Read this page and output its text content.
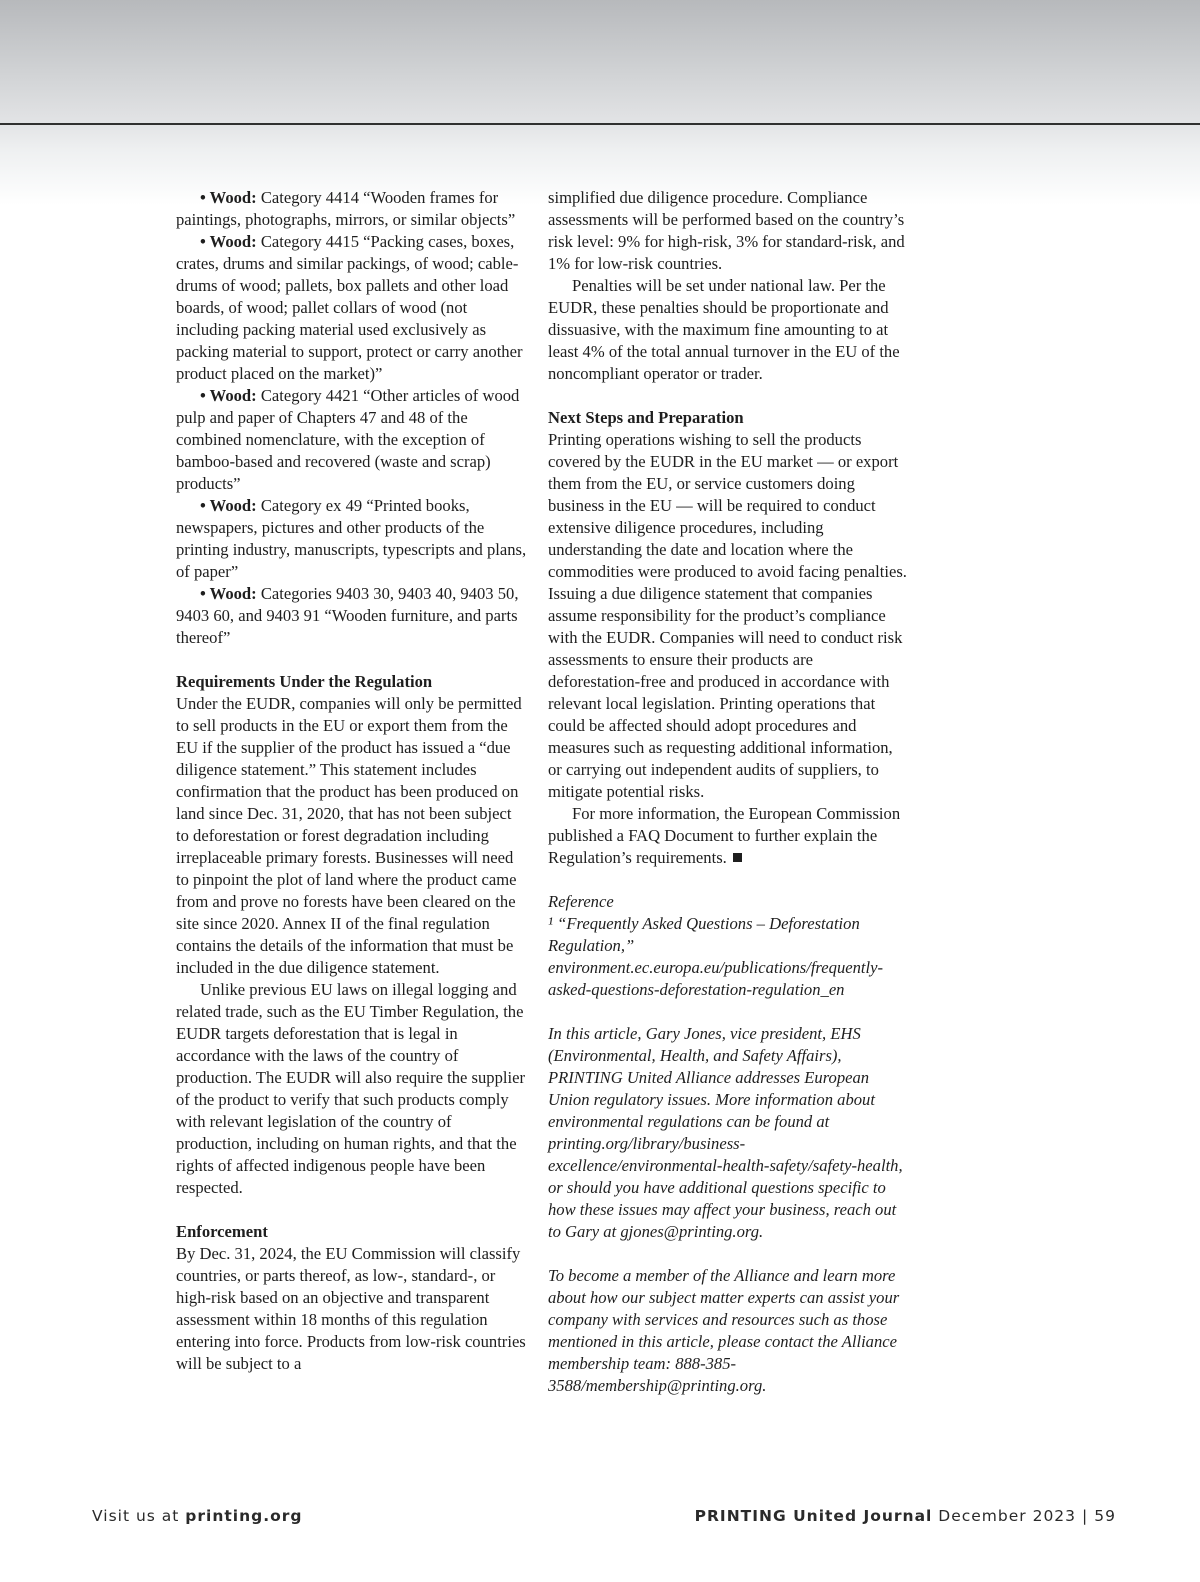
• Wood: Category 4414 “Wooden frames for paintings, photographs, mirrors, or similar objects”

• Wood: Category 4415 “Packing cases, boxes, crates, drums and similar packings, of wood; cable-drums of wood; pallets, box pallets and other load boards, of wood; pallet collars of wood (not including packing material used exclusively as packing material to support, protect or carry another product placed on the market)”

• Wood: Category 4421 “Other articles of wood pulp and paper of Chapters 47 and 48 of the combined nomenclature, with the exception of bamboo-based and recovered (waste and scrap) products”

• Wood: Category ex 49 “Printed books, newspapers, pictures and other products of the printing industry, manuscripts, typescripts and plans, of paper”

• Wood: Categories 9403 30, 9403 40, 9403 50, 9403 60, and 9403 91 “Wooden furniture, and parts thereof”

Requirements Under the Regulation

Under the EUDR, companies will only be permitted to sell products in the EU or export them from the EU if the supplier of the product has issued a “due diligence statement.” This statement includes confirmation that the product has been produced on land since Dec. 31, 2020, that has not been subject to deforestation or forest degradation including irreplaceable primary forests. Businesses will need to pinpoint the plot of land where the product came from and prove no forests have been cleared on the site since 2020. Annex II of the final regulation contains the details of the information that must be included in the due diligence statement.

Unlike previous EU laws on illegal logging and related trade, such as the EU Timber Regulation, the EUDR targets deforestation that is legal in accordance with the laws of the country of production. The EUDR will also require the supplier of the product to verify that such products comply with relevant legislation of the country of production, including on human rights, and that the rights of affected indigenous people have been respected.

Enforcement

By Dec. 31, 2024, the EU Commission will classify countries, or parts thereof, as low-, standard-, or high-risk based on an objective and transparent assessment within 18 months of this regulation entering into force. Products from low-risk countries will be subject to a

simplified due diligence procedure. Compliance assessments will be performed based on the country’s risk level: 9% for high-risk, 3% for standard-risk, and 1% for low-risk countries.

Penalties will be set under national law. Per the EUDR, these penalties should be proportionate and dissuasive, with the maximum fine amounting to at least 4% of the total annual turnover in the EU of the noncompliant operator or trader.

Next Steps and Preparation

Printing operations wishing to sell the products covered by the EUDR in the EU market — or export them from the EU, or service customers doing business in the EU — will be required to conduct extensive diligence procedures, including understanding the date and location where the commodities were produced to avoid facing penalties. Issuing a due diligence statement that companies assume responsibility for the product’s compliance with the EUDR. Companies will need to conduct risk assessments to ensure their products are deforestation-free and produced in accordance with relevant local legislation. Printing operations that could be affected should adopt procedures and measures such as requesting additional information, or carrying out independent audits of suppliers, to mitigate potential risks.

For more information, the European Commission published a FAQ Document to further explain the Regulation’s requirements.

Reference

¹ “Frequently Asked Questions – Deforestation Regulation,” environment.ec.europa.eu/publications/frequently-asked-questions-deforestation-regulation_en

In this article, Gary Jones, vice president, EHS (Environmental, Health, and Safety Affairs), PRINTING United Alliance addresses European Union regulatory issues. More information about environmental regulations can be found at printing.org/library/business-excellence/environmental-health-safety/safety-health, or should you have additional questions specific to how these issues may affect your business, reach out to Gary at gjones@printing.org.

To become a member of the Alliance and learn more about how our subject matter experts can assist your company with services and resources such as those mentioned in this article, please contact the Alliance membership team: 888-385-3588/membership@printing.org.

Visit us at printing.org	PRINTING United Journal December 2023 | 59
